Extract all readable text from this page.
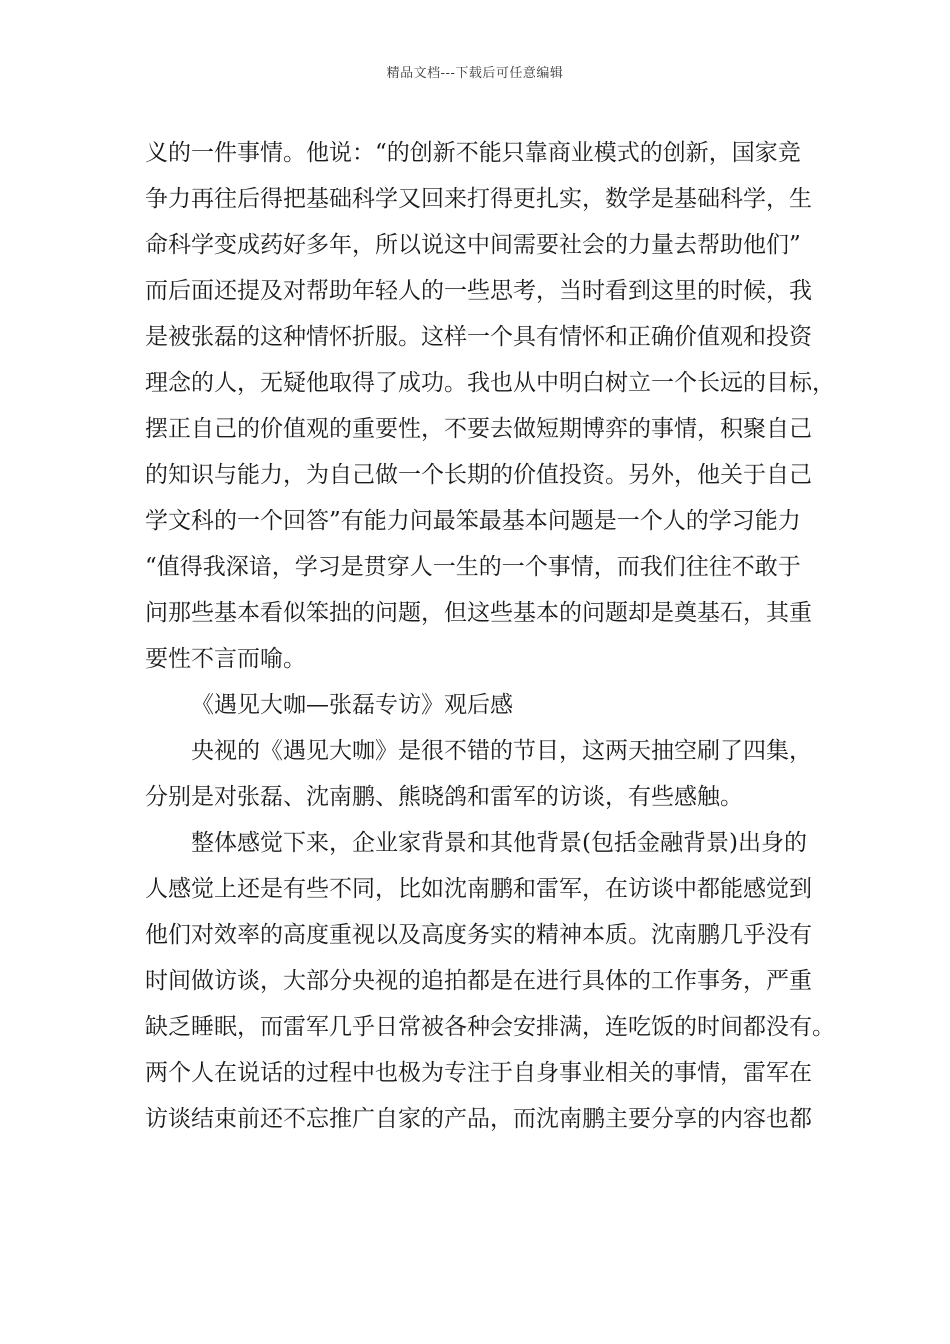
精品文档---下载后可任意编辑
义的一件事情。他说：“的创新不能只靠商业模式的创新，国家竞
争力再往后得把基础科学又回来打得更扎实，数学是基础科学，生
命科学变成药好多年，所以说这中间需要社会的力量去帮助他们”
而后面还提及对帮助年轻人的一些思考，当时看到这里的时候，我
是被张磊的这种情怀折服。这样一个具有情怀和正确价值观和投资
理念的人，无疑他取得了成功。我也从中明白树立一个长远的目标，
摆正自己的价值观的重要性，不要去做短期博弈的事情，积聚自己
的知识与能力，为自己做一个长期的价值投资。另外，他关于自己
学文科的一个回答”有能力问最笨最基本问题是一个人的学习能力
“值得我深谙，学习是贯穿人一生的一个事情，而我们往往不敢于
问那些基本看似笨拙的问题，但这些基本的问题却是奠基石，其重
要性不言而喻。
《遇见大咖—张磊专访》观后感
央视的《遇见大咖》是很不错的节目，这两天抽空刷了四集，
分别是对张磊、沈南鹏、熊晓鸽和雷军的访谈，有些感触。
整体感觉下来，企业家背景和其他背景(包括金融背景)出身的
人感觉上还是有些不同，比如沈南鹏和雷军，在访谈中都能感觉到
他们对效率的高度重视以及高度务实的精神本质。沈南鹏几乎没有
时间做访谈，大部分央视的追拍都是在进行具体的工作事务，严重
缺乏睡眠，而雷军几乎日常被各种会安排满，连吃饭的时间都没有。
两个人在说话的过程中也极为专注于自身事业相关的事情，雷军在
访谈结束前还不忘推广自家的产品，而沈南鹏主要分享的内容也都
